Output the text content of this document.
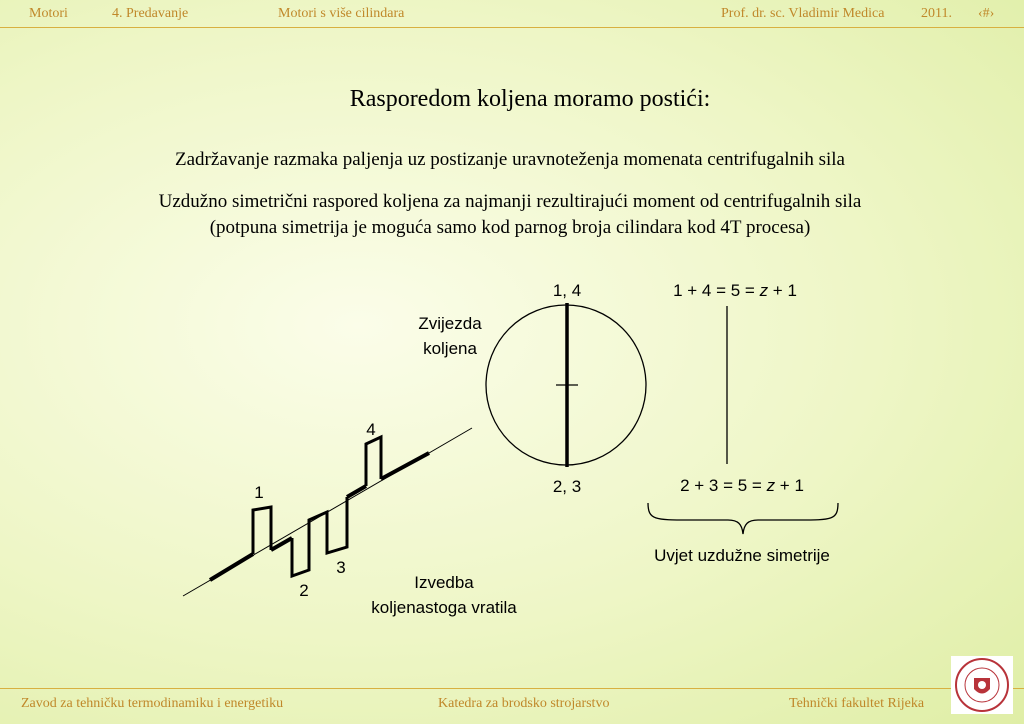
Motori	4. Predavanje	Motori s više cilindara	Prof. dr. sc. Vladimir Medica	2011. ‹#›
Rasporedom koljena moramo postići:
Zadržavanje razmaka paljenja uz postizanje uravnoteženja momenata centrifugalnih sila
Uzdužno simetrični raspored koljena za najmanji rezultirajući moment od centrifugalnih sila
(potpuna simetrija je moguća samo kod parnog broja cilindara kod 4T procesa)
1, 4
2, 3
Zvijezda
koljena
1 + 4 = 5 = z + 1
2 + 3 = 5 = z + 1
Uvjet uzdužne simetrije
1
2
3
4
Izvedba
koljenastoga vratila
Zavod za tehničku termodinamiku i energetiku	Katedra za brodsko strojarstvo	Tehnički fakultet Rijeka
